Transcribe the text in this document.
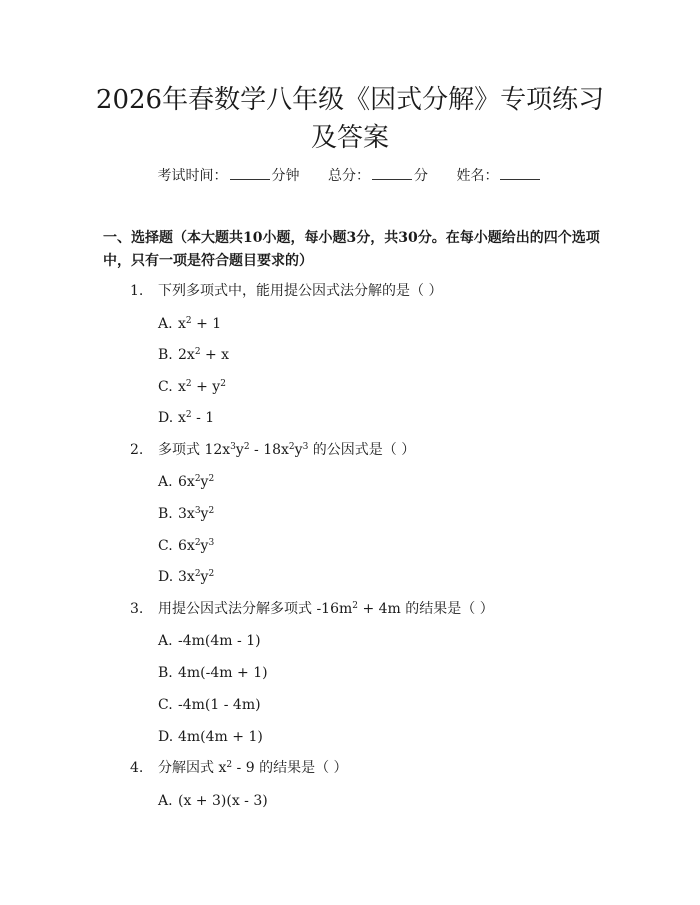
2026年春数学八年级《因式分解》专项练习
及答案
考试时间：	分钟 总分：	分 姓名：

一、选择题（本大题共10小题，每小题3分，共30分。在每小题给出的四个选项中，只有一项是符合题目要求的）

1. 下列多项式中，能用提公因式法分解的是（ ）
A. $x^2 + 1$
B. $2x^2 + x$
C. $x^2 + y^2$
D. $x^2 - 1$
2. 多项式 $12x^3y^2 - 18x^2y^3$ 的公因式是（ ）
A. $6x^2y^2$
B. $3x^3y^2$
C. $6x^2y^3$
D. $3x^2y^2$
3. 用提公因式法分解多项式 $-16m^2 + 4m$ 的结果是（ ）
A. -4m(4m - 1)
B. 4m(-4m + 1)
C. -4m(1 - 4m)
D. 4m(4m + 1)
4. 分解因式 $x^2 - 9$ 的结果是（ ）
A. (x + 3)(x - 3)
